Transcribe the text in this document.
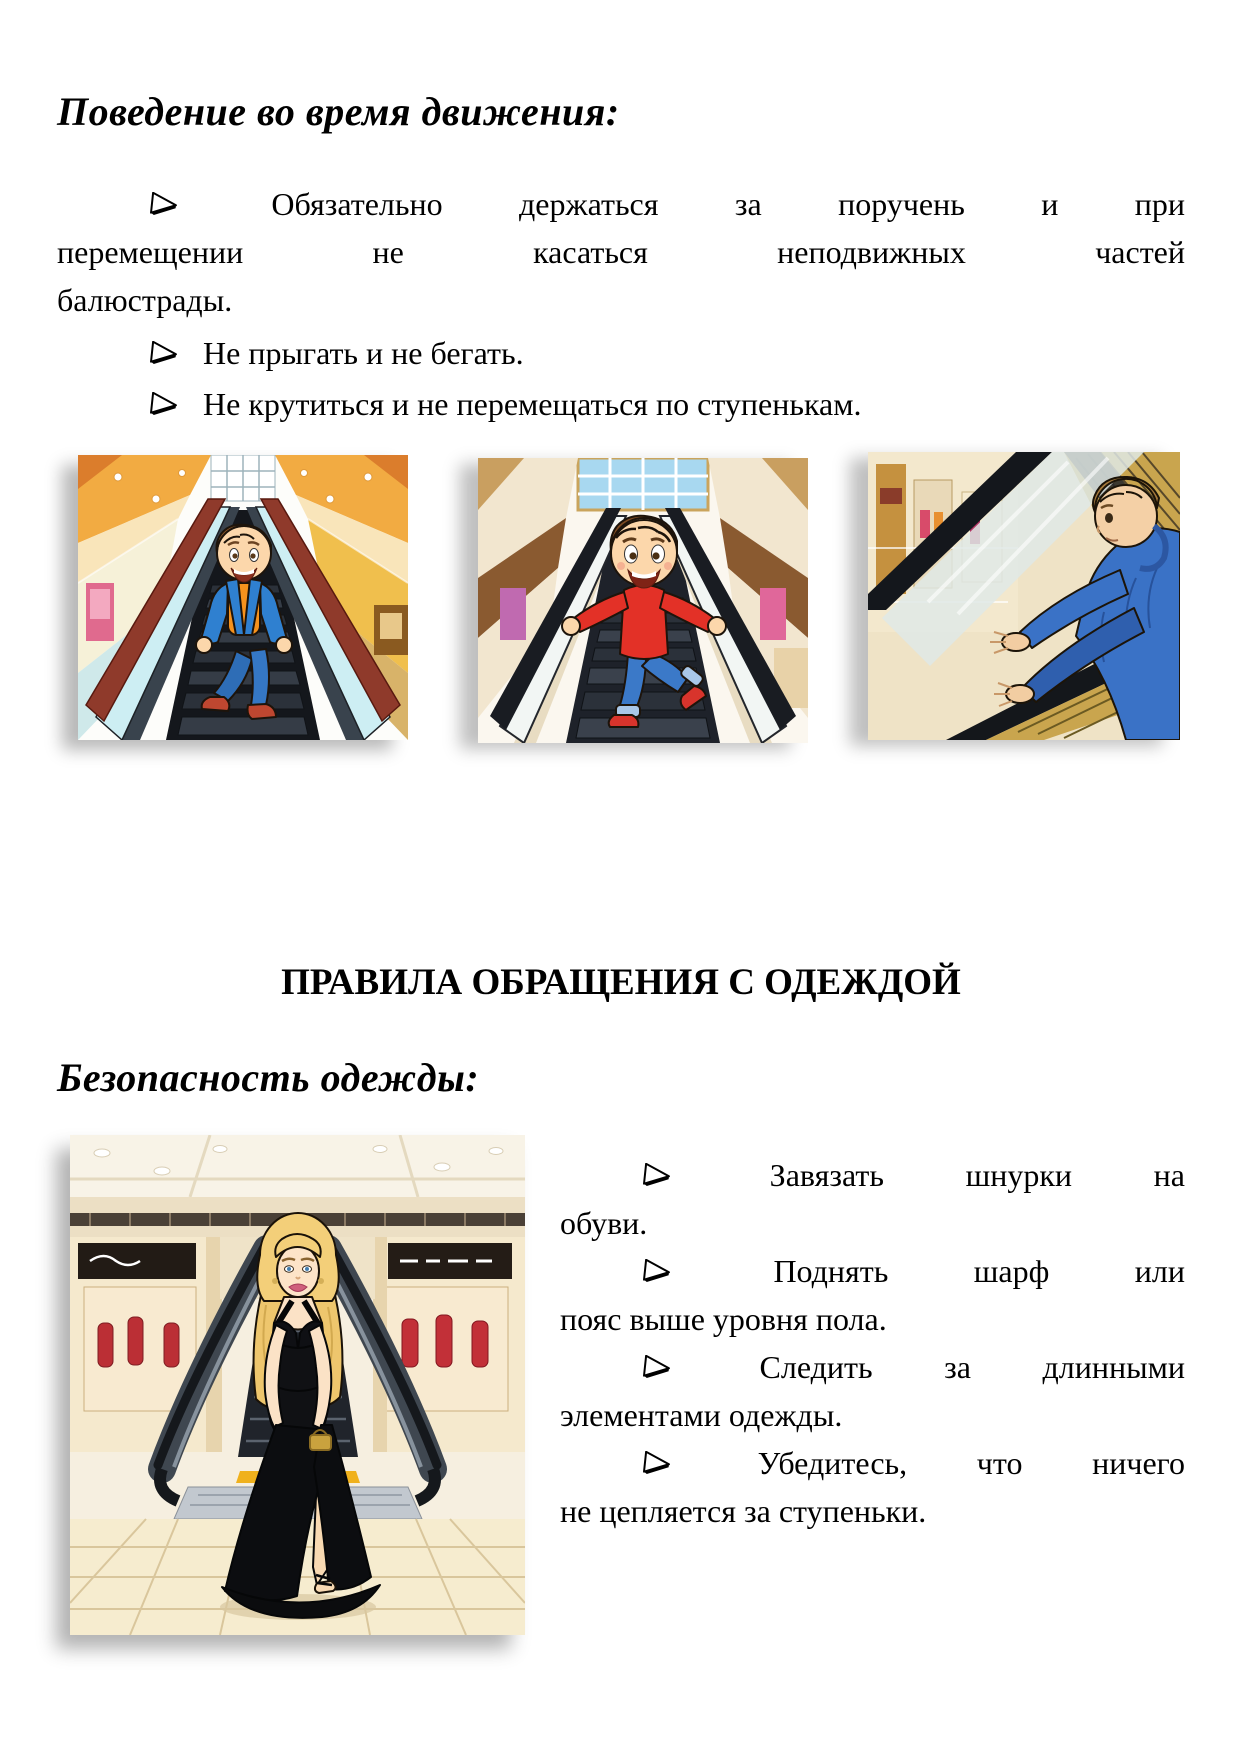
Поведение во время движения:
Обязательно держаться за поручень и при
перемещении не касаться неподвижных частей
балюстрады.
Не прыгать и не бегать.
Не крутиться и не перемещаться по ступенькам.
ПРАВИЛА ОБРАЩЕНИЯ С ОДЕЖДОЙ
Безопасность одежды:
Завязать шнурки на
обуви.
Поднять шарф или
пояс выше уровня пола.
Следить за длинными
элементами одежды.
Убедитесь, что ничего
не цепляется за ступеньки.
